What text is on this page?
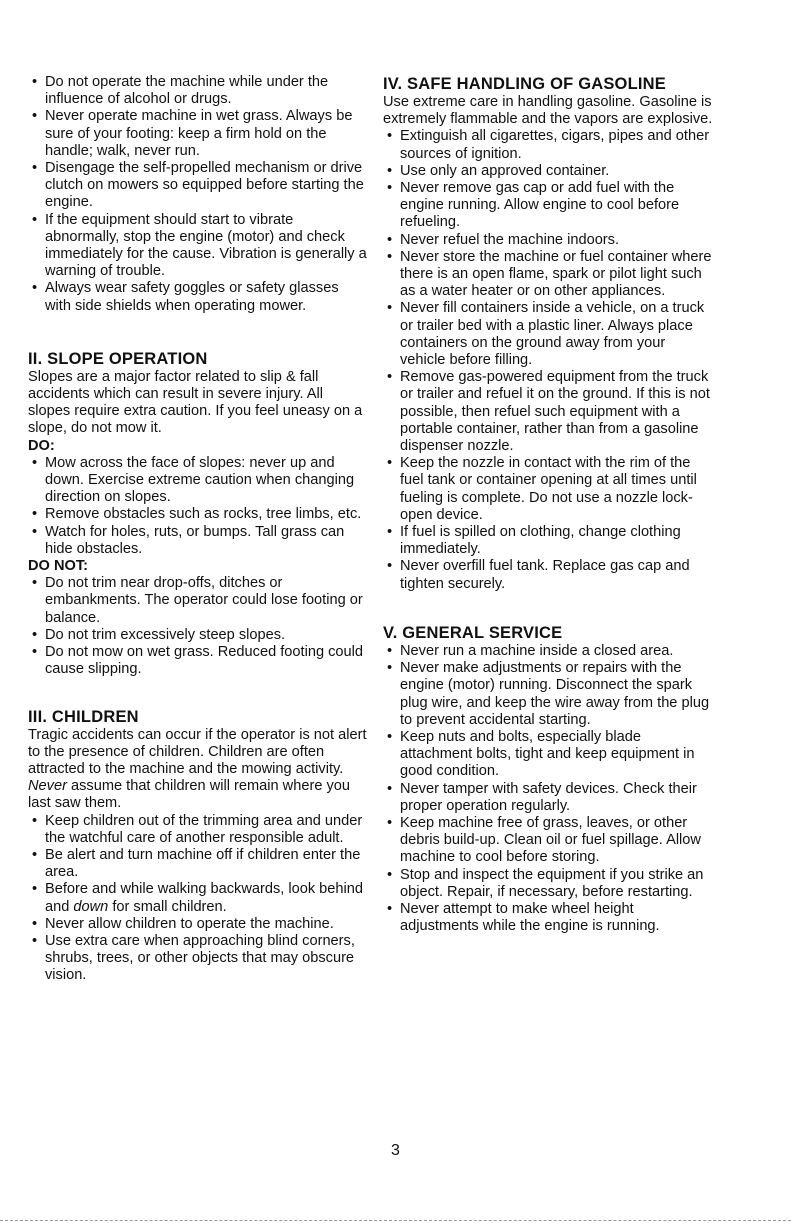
• Do not operate the machine while under the influence of alcohol or drugs.
• Never operate machine in wet grass. Always be sure of your footing: keep a firm hold on the handle; walk, never run.
• Disengage the self-propelled mechanism or drive clutch on mowers so equipped before starting the engine.
• If the equipment should start to vibrate abnormally, stop the engine (motor) and check immediately for the cause. Vibration is generally a warning of trouble.
• Always wear safety goggles or safety glasses with side shields when operating mower.
II. SLOPE OPERATION

Slopes are a major factor related to slip & fall accidents which can result in severe injury. All slopes require extra caution. If you feel uneasy on a slope, do not mow it.

DO:
• Mow across the face of slopes: never up and down. Exercise extreme caution when changing direction on slopes.
• Remove obstacles such as rocks, tree limbs, etc.
• Watch for holes, ruts, or bumps. Tall grass can hide obstacles.
DO NOT:
• Do not trim near drop-offs, ditches or embankments. The operator could lose footing or balance.
• Do not trim excessively steep slopes.
• Do not mow on wet grass. Reduced footing could cause slipping.
III. CHILDREN

Tragic accidents can occur if the operator is not alert to the presence of children. Children are often attracted to the machine and the mowing activity. Never assume that children will remain where you last saw them.

• Keep children out of the trimming area and under the watchful care of another responsible adult.
• Be alert and turn machine off if children enter the area.
• Before and while walking backwards, look behind and down for small children.
• Never allow children to operate the machine.
• Use extra care when approaching blind corners, shrubs, trees, or other objects that may obscure vision.
IV. SAFE HANDLING OF GASOLINE

Use extreme care in handling gasoline. Gasoline is extremely flammable and the vapors are explosive.

• Extinguish all cigarettes, cigars, pipes and other sources of ignition.
• Use only an approved container.
• Never remove gas cap or add fuel with the engine running. Allow engine to cool before refueling.
• Never refuel the machine indoors.
• Never store the machine or fuel container where there is an open flame, spark or pilot light such as a water heater or on other appliances.
• Never fill containers inside a vehicle, on a truck or trailer bed with a plastic liner. Always place containers on the ground away from your vehicle before filling.
• Remove gas-powered equipment from the truck or trailer and refuel it on the ground. If this is not possible, then refuel such equipment with a portable container, rather than from a gasoline dispenser nozzle.
• Keep the nozzle in contact with the rim of the fuel tank or container opening at all times until fueling is complete. Do not use a nozzle lock-open device.
• If fuel is spilled on clothing, change clothing immediately.
• Never overfill fuel tank. Replace gas cap and tighten securely.
V. GENERAL SERVICE
• Never run a machine inside a closed area.
• Never make adjustments or repairs with the engine (motor) running. Disconnect the spark plug wire, and keep the wire away from the plug to prevent accidental starting.
• Keep nuts and bolts, especially blade attachment bolts, tight and keep equipment in good condition.
• Never tamper with safety devices. Check their proper operation regularly.
• Keep machine free of grass, leaves, or other debris build-up. Clean oil or fuel spillage. Allow machine to cool before storing.
• Stop and inspect the equipment if you strike an object. Repair, if necessary, before restarting.
• Never attempt to make wheel height adjustments while the engine is running.
3
